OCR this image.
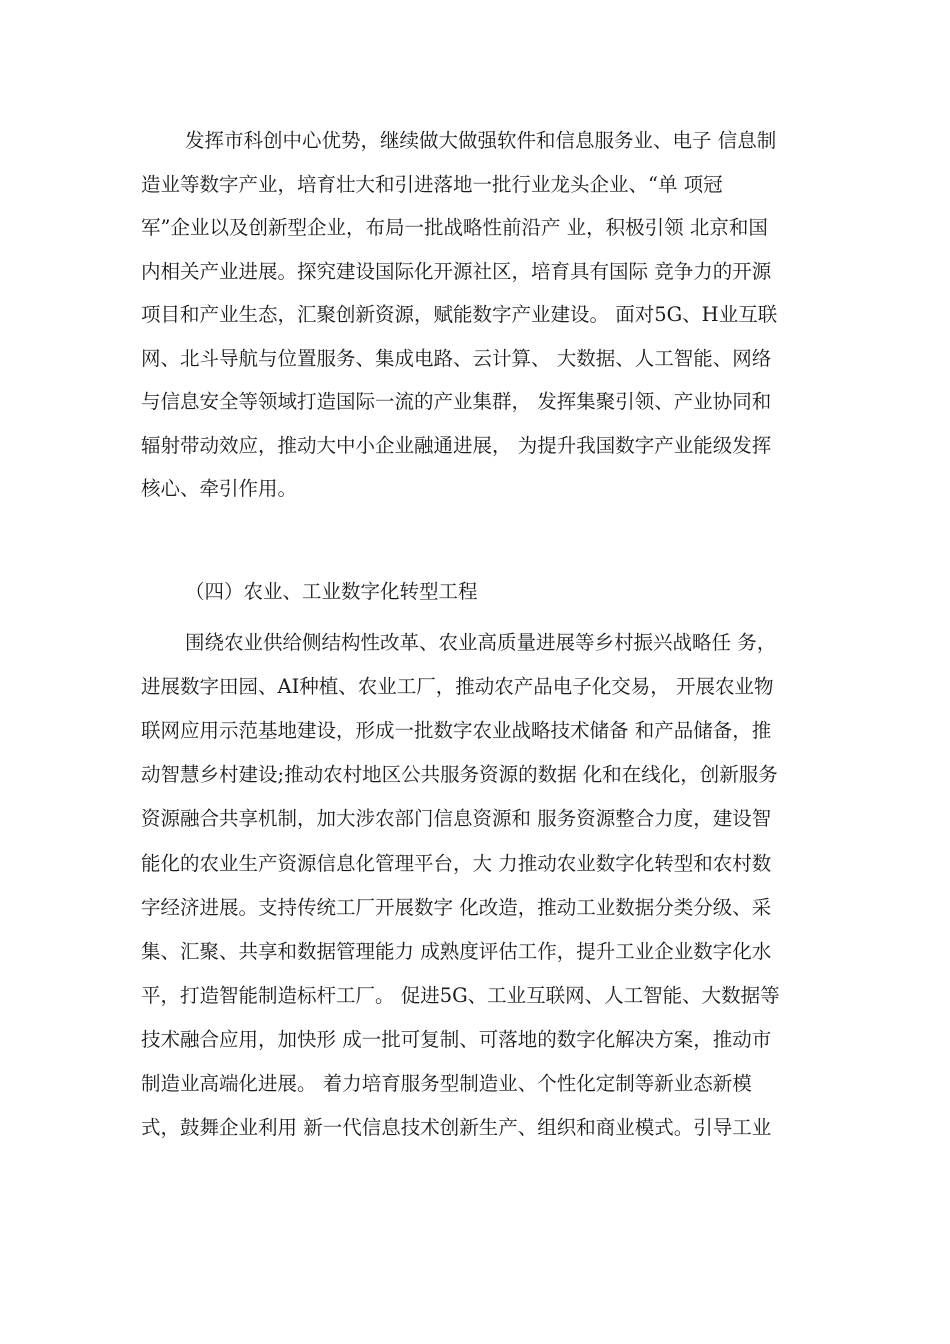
发挥市科创中心优势，继续做大做强软件和信息服务业、电子 信息制
造业等数字产业，培育壮大和引进落地一批行业龙头企业、“单 项冠
军”企业以及创新型企业，布局一批战略性前沿产 业，积极引领 北京和国
内相关产业进展。探究建设国际化开源社区，培育具有国际 竞争力的开源
项目和产业生态，汇聚创新资源，赋能数字产业建设。 面对5G、H业互联
网、北斗导航与位置服务、集成电路、云计算、 大数据、人工智能、网络
与信息安全等领域打造国际一流的产业集群， 发挥集聚引领、产业协同和
辐射带动效应，推动大中小企业融通进展， 为提升我国数字产业能级发挥
核心、牵引作用。
（四）农业、工业数字化转型工程
围绕农业供给侧结构性改革、农业高质量进展等乡村振兴战略任 务，
进展数字田园、AI种植、农业工厂，推动农产品电子化交易， 开展农业物
联网应用示范基地建设，形成一批数字农业战略技术储备 和产品储备，推
动智慧乡村建设;推动农村地区公共服务资源的数据 化和在线化，创新服务
资源融合共享机制，加大涉农部门信息资源和 服务资源整合力度，建设智
能化的农业生产资源信息化管理平台，大 力推动农业数字化转型和农村数
字经济进展。支持传统工厂开展数字 化改造，推动工业数据分类分级、采
集、汇聚、共享和数据管理能力 成熟度评估工作，提升工业企业数字化水
平，打造智能制造标杆工厂。 促进5G、工业互联网、人工智能、大数据等
技术融合应用，加快形 成一批可复制、可落地的数字化解决方案，推动市
制造业高端化进展。 着力培育服务型制造业、个性化定制等新业态新模
式，鼓舞企业利用 新一代信息技术创新生产、组织和商业模式。引导工业
